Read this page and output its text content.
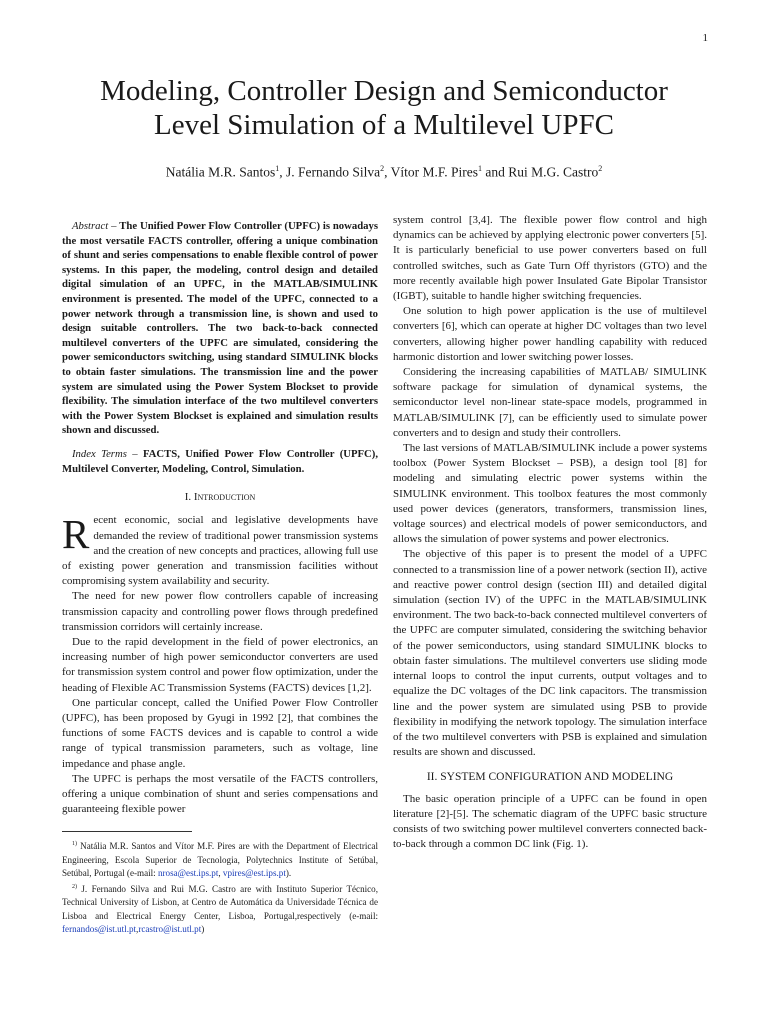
1
Modeling, Controller Design and Semiconductor
Level Simulation of a Multilevel UPFC
Natália M.R. Santos$^1$, J. Fernando Silva$^2$, Vítor M.F. Pires$^1$ and Rui M.G. Castro$^2$

Abstract – The Unified Power Flow Controller (UPFC) is nowadays the most versatile FACTS controller, offering a unique combination of shunt and series compensations to enable flexible control of power systems. In this paper, the modeling, control design and detailed digital simulation of an UPFC, in the MATLAB/SIMULINK environment is presented. The model of the UPFC, connected to a power network through a transmission line, is shown and used to design suitable controllers. The two back-to-back connected multilevel converters of the UPFC are simulated, considering the power semiconductors switching, using standard SIMULINK blocks to obtain faster simulations. The transmission line and the power system are simulated using the Power System Blockset to provide flexibility. The simulation interface of the two multilevel converters with the Power System Blockset is explained and simulation results shown and discussed.

Index Terms – FACTS, Unified Power Flow Controller (UPFC), Multilevel Converter, Modeling, Control, Simulation.

I. Introduction

Recent economic, social and legislative developments have demanded the review of traditional power transmission systems and the creation of new concepts and practices, allowing full use of existing power generation and transmission facilities without compromising system availability and security.

The need for new power flow controllers capable of increasing transmission capacity and controlling power flows through predefined transmission corridors will certainly increase.

Due to the rapid development in the field of power electronics, an increasing number of high power semiconductor converters are used for transmission system control and power flow optimization, under the heading of Flexible AC Transmission Systems (FACTS) devices [1,2].

One particular concept, called the Unified Power Flow Controller (UPFC), has been proposed by Gyugi in 1992 [2], that combines the functions of some FACTS devices and is capable to control a wide range of typical transmission parameters, such as voltage, line impedance and phase angle.

The UPFC is perhaps the most versatile of the FACTS controllers, offering a unique combination of shunt and series compensations and guaranteeing flexible power

$^{1)}$ Natália M.R. Santos and Vítor M.F. Pires are with the Department of Electrical Engineering, Escola Superior de Tecnologia, Polytechnics Institute of Setúbal, Setúbal, Portugal (e-mail: nrosa@est.ips.pt, vpires@est.ips.pt).

$^{2)}$ J. Fernando Silva and Rui M.G. Castro are with Instituto Superior Técnico, Technical University of Lisbon, at Centro de Automática da Universidade Técnica de Lisboa and Electrical Energy Center, Lisboa, Portugal,respectively (e-mail: fernandos@ist.utl.pt,rcastro@ist.utl.pt)

system control [3,4]. The flexible power flow control and high dynamics can be achieved by applying electronic power converters [5]. It is particularly beneficial to use power converters based on full controlled switches, such as Gate Turn Off thyristors (GTO) and the more recently available high power Insulated Gate Bipolar Transistor (IGBT), suitable to handle higher switching frequencies.

One solution to high power application is the use of multilevel converters [6], which can operate at higher DC voltages than two level converters, allowing higher power handling capability with reduced harmonic distortion and lower switching power losses.

Considering the increasing capabilities of MATLAB/ SIMULINK software package for simulation of dynamical systems, the semiconductor level non-linear state-space models, programmed in MATLAB/SIMULINK [7], can be efficiently used to simulate power converters and to design and study their controllers.

The last versions of MATLAB/SIMULINK include a power systems toolbox (Power System Blockset – PSB), a design tool [8] for modeling and simulating electric power systems within the SIMULINK environment. This toolbox features the most commonly used power devices (generators, transformers, transmission lines, voltage sources) and electrical models of power semiconductors, and allows the simulation of power systems and power electronics.

The objective of this paper is to present the model of a UPFC connected to a transmission line of a power network (section II), active and reactive power control design (section III) and detailed digital simulation (section IV) of the UPFC in the MATLAB/SIMULINK environment. The two back-to-back connected multilevel converters of the UPFC are computer simulated, considering the switching behavior of the power semiconductors, using standard SIMULINK blocks to obtain faster simulations. The multilevel converters use sliding mode internal loops to control the input currents, output voltages and to equalize the DC voltages of the DC link capacitors. The transmission line and the power system are simulated using PSB to provide flexibility in modifying the network topology. The simulation interface of the two multilevel converters with PSB is explained and simulation results are shown and discussed.

II. SYSTEM CONFIGURATION AND MODELING

The basic operation principle of a UPFC can be found in open literature [2]-[5]. The schematic diagram of the UPFC basic structure consists of two switching power multilevel converters connected back-to-back through a common DC link (Fig. 1).
